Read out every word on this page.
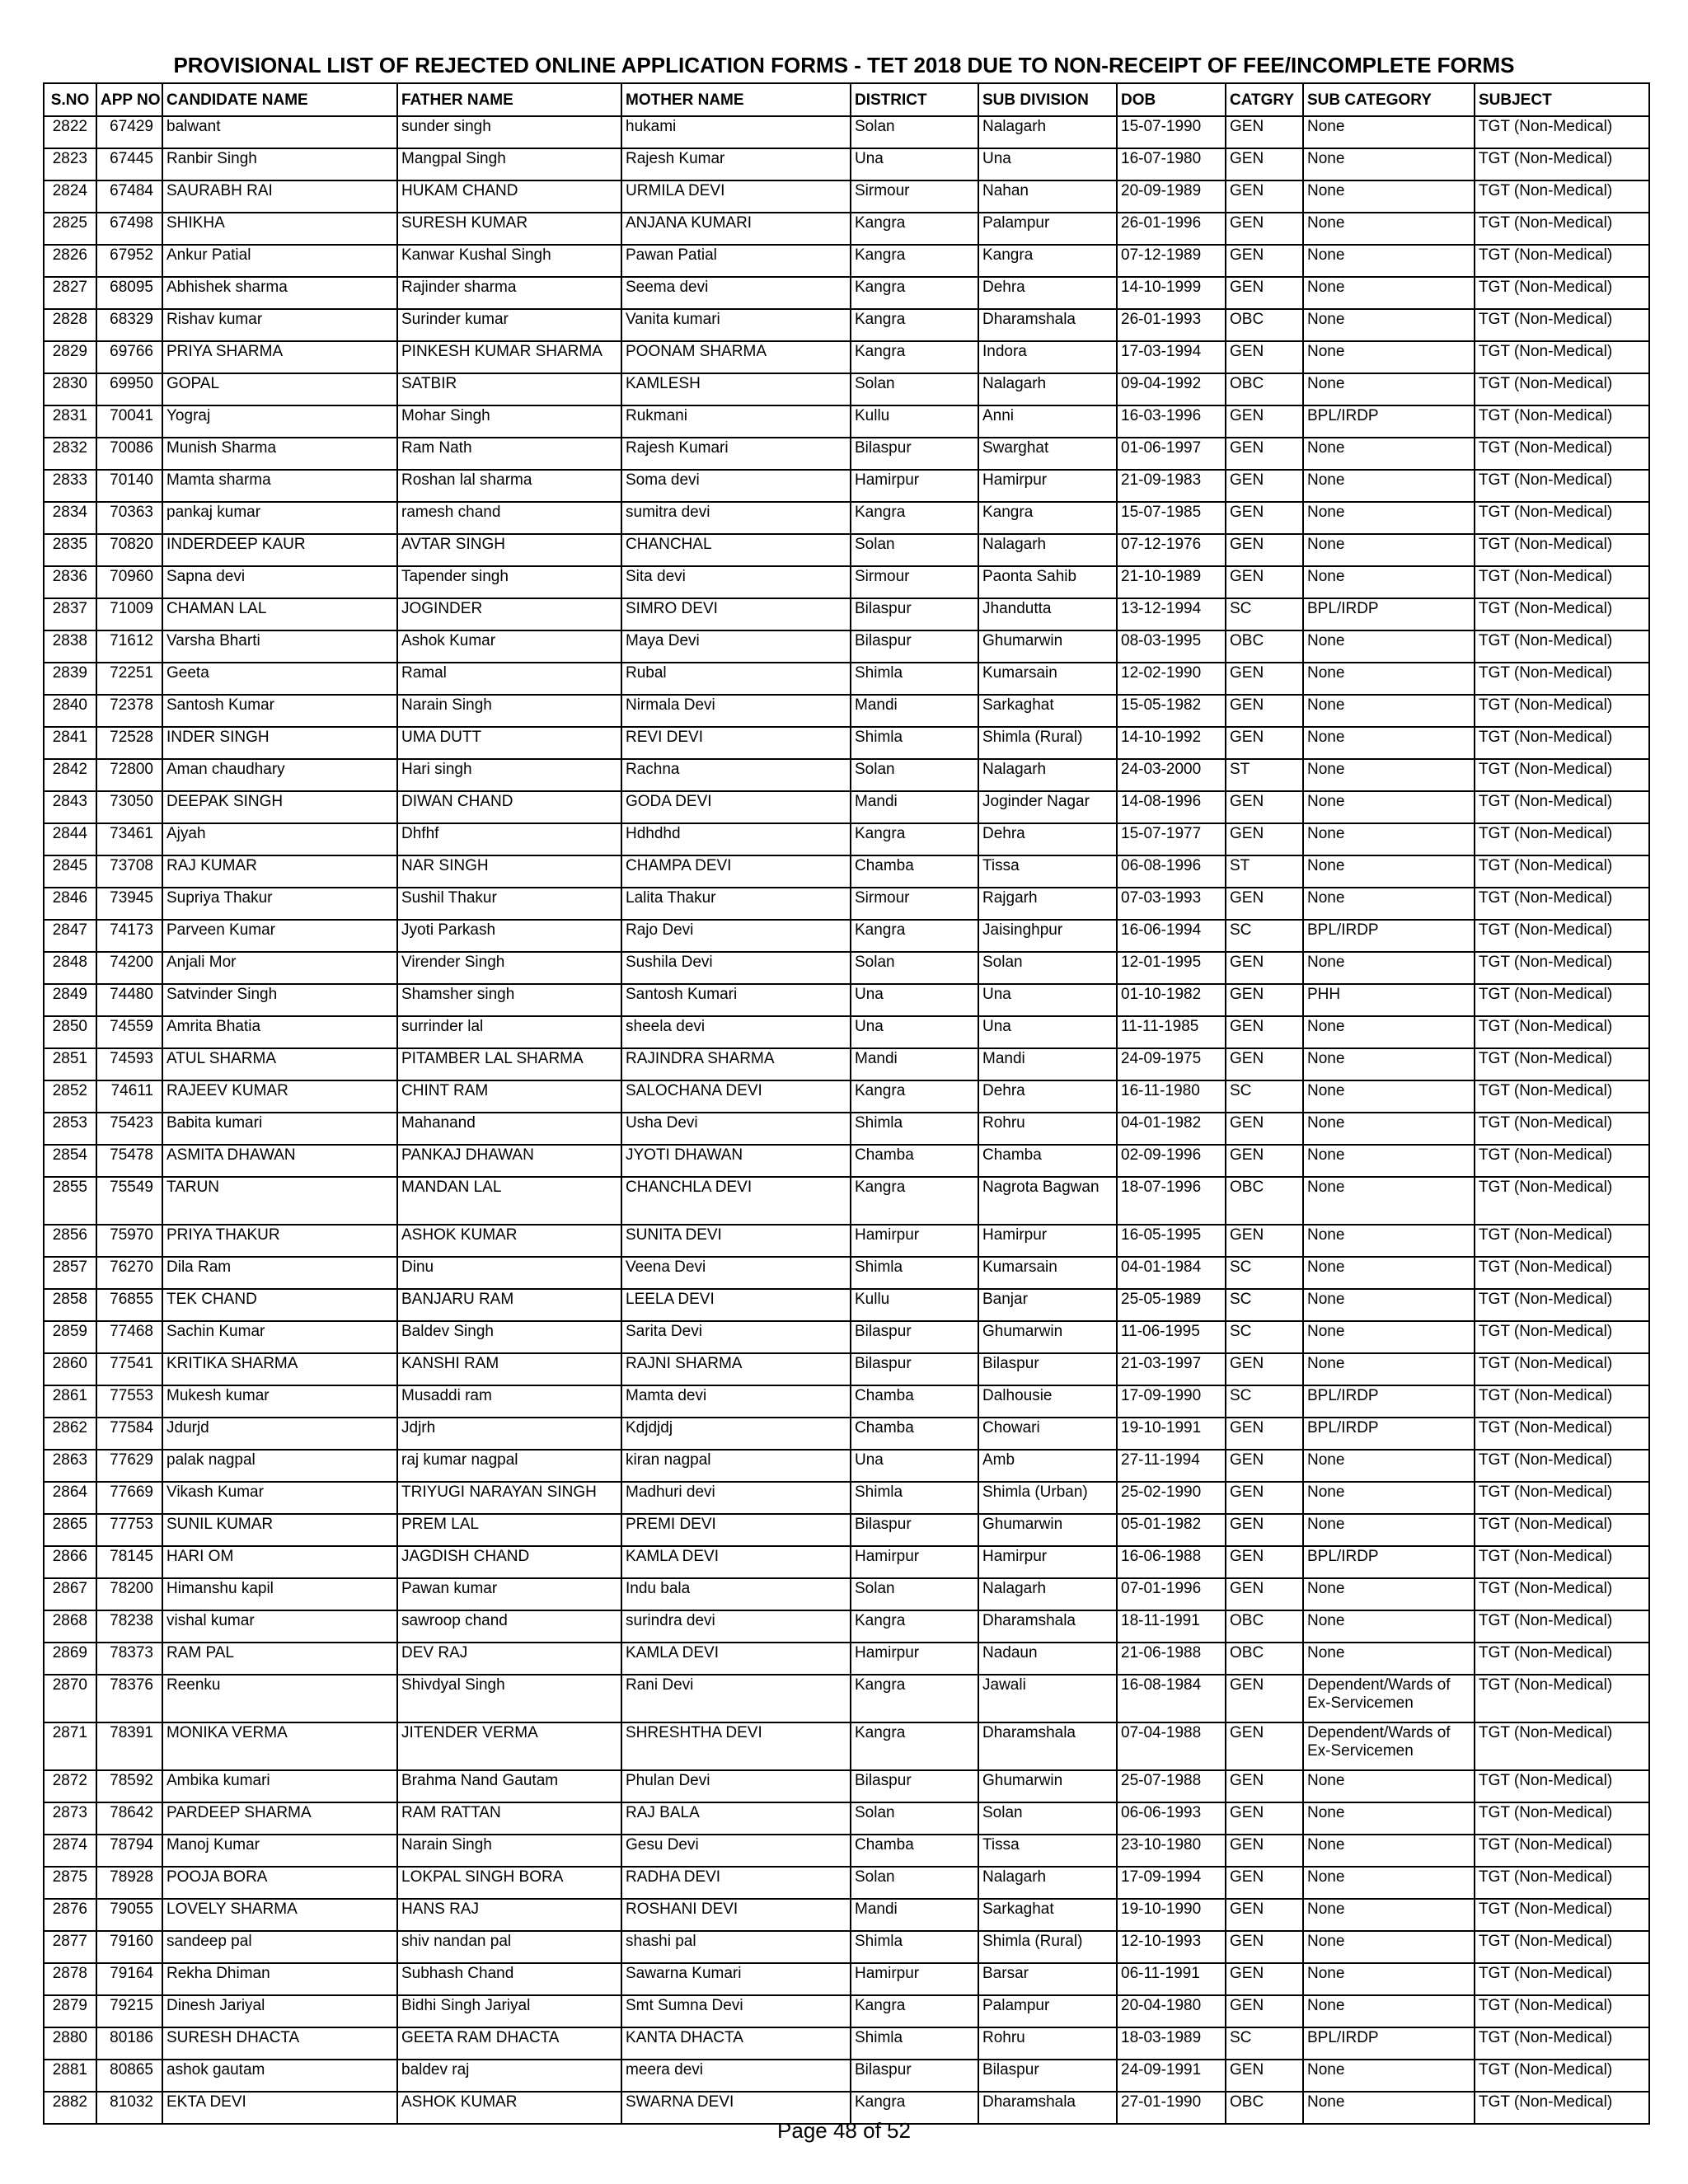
PROVISIONAL LIST OF REJECTED ONLINE APPLICATION FORMS - TET 2018 DUE TO NON-RECEIPT OF FEE/INCOMPLETE FORMS
S.NO	APP NO	CANDIDATE NAME	FATHER NAME	MOTHER NAME	DISTRICT	SUB DIVISION	DOB	CATGRY	SUB CATEGORY	SUBJECT
2822	67429	balwant	sunder singh	hukami	Solan	Nalagarh	15-07-1990	GEN	None	TGT (Non-Medical)
2823	67445	Ranbir Singh	Mangpal Singh	Rajesh Kumar	Una	Una	16-07-1980	GEN	None	TGT (Non-Medical)
2824	67484	SAURABH RAI	HUKAM CHAND	URMILA DEVI	Sirmour	Nahan	20-09-1989	GEN	None	TGT (Non-Medical)
2825	67498	SHIKHA	SURESH KUMAR	ANJANA KUMARI	Kangra	Palampur	26-01-1996	GEN	None	TGT (Non-Medical)
2826	67952	Ankur Patial	Kanwar Kushal Singh	Pawan Patial	Kangra	Kangra	07-12-1989	GEN	None	TGT (Non-Medical)
2827	68095	Abhishek sharma	Rajinder sharma	Seema devi	Kangra	Dehra	14-10-1999	GEN	None	TGT (Non-Medical)
2828	68329	Rishav kumar	Surinder kumar	Vanita kumari	Kangra	Dharamshala	26-01-1993	OBC	None	TGT (Non-Medical)
2829	69766	PRIYA SHARMA	PINKESH KUMAR SHARMA	POONAM SHARMA	Kangra	Indora	17-03-1994	GEN	None	TGT (Non-Medical)
2830	69950	GOPAL	SATBIR	KAMLESH	Solan	Nalagarh	09-04-1992	OBC	None	TGT (Non-Medical)
2831	70041	Yograj	Mohar Singh	Rukmani	Kullu	Anni	16-03-1996	GEN	BPL/IRDP	TGT (Non-Medical)
2832	70086	Munish Sharma	Ram Nath	Rajesh Kumari	Bilaspur	Swarghat	01-06-1997	GEN	None	TGT (Non-Medical)
2833	70140	Mamta sharma	Roshan lal sharma	Soma devi	Hamirpur	Hamirpur	21-09-1983	GEN	None	TGT (Non-Medical)
2834	70363	pankaj kumar	ramesh chand	sumitra devi	Kangra	Kangra	15-07-1985	GEN	None	TGT (Non-Medical)
2835	70820	INDERDEEP KAUR	AVTAR SINGH	CHANCHAL	Solan	Nalagarh	07-12-1976	GEN	None	TGT (Non-Medical)
2836	70960	Sapna devi	Tapender singh	Sita devi	Sirmour	Paonta Sahib	21-10-1989	GEN	None	TGT (Non-Medical)
2837	71009	CHAMAN LAL	JOGINDER	SIMRO DEVI	Bilaspur	Jhandutta	13-12-1994	SC	BPL/IRDP	TGT (Non-Medical)
2838	71612	Varsha Bharti	Ashok Kumar	Maya Devi	Bilaspur	Ghumarwin	08-03-1995	OBC	None	TGT (Non-Medical)
2839	72251	Geeta	Ramal	Rubal	Shimla	Kumarsain	12-02-1990	GEN	None	TGT (Non-Medical)
2840	72378	Santosh Kumar	Narain Singh	Nirmala Devi	Mandi	Sarkaghat	15-05-1982	GEN	None	TGT (Non-Medical)
2841	72528	INDER SINGH	UMA DUTT	REVI DEVI	Shimla	Shimla (Rural)	14-10-1992	GEN	None	TGT (Non-Medical)
2842	72800	Aman chaudhary	Hari singh	Rachna	Solan	Nalagarh	24-03-2000	ST	None	TGT (Non-Medical)
2843	73050	DEEPAK SINGH	DIWAN CHAND	GODA DEVI	Mandi	Joginder Nagar	14-08-1996	GEN	None	TGT (Non-Medical)
2844	73461	Ajyah	Dhfhf	Hdhdhd	Kangra	Dehra	15-07-1977	GEN	None	TGT (Non-Medical)
2845	73708	RAJ KUMAR	NAR SINGH	CHAMPA DEVI	Chamba	Tissa	06-08-1996	ST	None	TGT (Non-Medical)
2846	73945	Supriya Thakur	Sushil Thakur	Lalita Thakur	Sirmour	Rajgarh	07-03-1993	GEN	None	TGT (Non-Medical)
2847	74173	Parveen Kumar	Jyoti Parkash	Rajo Devi	Kangra	Jaisinghpur	16-06-1994	SC	BPL/IRDP	TGT (Non-Medical)
2848	74200	Anjali Mor	Virender Singh	Sushila Devi	Solan	Solan	12-01-1995	GEN	None	TGT (Non-Medical)
2849	74480	Satvinder Singh	Shamsher singh	Santosh Kumari	Una	Una	01-10-1982	GEN	PHH	TGT (Non-Medical)
2850	74559	Amrita Bhatia	surrinder lal	sheela devi	Una	Una	11-11-1985	GEN	None	TGT (Non-Medical)
2851	74593	ATUL SHARMA	PITAMBER LAL SHARMA	RAJINDRA SHARMA	Mandi	Mandi	24-09-1975	GEN	None	TGT (Non-Medical)
2852	74611	RAJEEV KUMAR	CHINT RAM	SALOCHANA DEVI	Kangra	Dehra	16-11-1980	SC	None	TGT (Non-Medical)
2853	75423	Babita kumari	Mahanand	Usha Devi	Shimla	Rohru	04-01-1982	GEN	None	TGT (Non-Medical)
2854	75478	ASMITA DHAWAN	PANKAJ DHAWAN	JYOTI DHAWAN	Chamba	Chamba	02-09-1996	GEN	None	TGT (Non-Medical)
2855	75549	TARUN	MANDAN LAL	CHANCHLA DEVI	Kangra	Nagrota Bagwan	18-07-1996	OBC	None	TGT (Non-Medical)
2856	75970	PRIYA THAKUR	ASHOK KUMAR	SUNITA DEVI	Hamirpur	Hamirpur	16-05-1995	GEN	None	TGT (Non-Medical)
2857	76270	Dila Ram	Dinu	Veena Devi	Shimla	Kumarsain	04-01-1984	SC	None	TGT (Non-Medical)
2858	76855	TEK CHAND	BANJARU RAM	LEELA DEVI	Kullu	Banjar	25-05-1989	SC	None	TGT (Non-Medical)
2859	77468	Sachin Kumar	Baldev Singh	Sarita Devi	Bilaspur	Ghumarwin	11-06-1995	SC	None	TGT (Non-Medical)
2860	77541	KRITIKA SHARMA	KANSHI RAM	RAJNI SHARMA	Bilaspur	Bilaspur	21-03-1997	GEN	None	TGT (Non-Medical)
2861	77553	Mukesh kumar	Musaddi ram	Mamta devi	Chamba	Dalhousie	17-09-1990	SC	BPL/IRDP	TGT (Non-Medical)
2862	77584	Jdurjd	Jdjrh	Kdjdjdj	Chamba	Chowari	19-10-1991	GEN	BPL/IRDP	TGT (Non-Medical)
2863	77629	palak nagpal	raj kumar nagpal	kiran nagpal	Una	Amb	27-11-1994	GEN	None	TGT (Non-Medical)
2864	77669	Vikash Kumar	TRIYUGI NARAYAN SINGH	Madhuri devi	Shimla	Shimla (Urban)	25-02-1990	GEN	None	TGT (Non-Medical)
2865	77753	SUNIL KUMAR	PREM LAL	PREMI DEVI	Bilaspur	Ghumarwin	05-01-1982	GEN	None	TGT (Non-Medical)
2866	78145	HARI OM	JAGDISH CHAND	KAMLA DEVI	Hamirpur	Hamirpur	16-06-1988	GEN	BPL/IRDP	TGT (Non-Medical)
2867	78200	Himanshu kapil	Pawan kumar	Indu bala	Solan	Nalagarh	07-01-1996	GEN	None	TGT (Non-Medical)
2868	78238	vishal kumar	sawroop chand	surindra devi	Kangra	Dharamshala	18-11-1991	OBC	None	TGT (Non-Medical)
2869	78373	RAM PAL	DEV RAJ	KAMLA DEVI	Hamirpur	Nadaun	21-06-1988	OBC	None	TGT (Non-Medical)
2870	78376	Reenku	Shivdyal Singh	Rani Devi	Kangra	Jawali	16-08-1984	GEN	Dependent/Wards of Ex-Servicemen	TGT (Non-Medical)
2871	78391	MONIKA VERMA	JITENDER VERMA	SHRESHTHA DEVI	Kangra	Dharamshala	07-04-1988	GEN	Dependent/Wards of Ex-Servicemen	TGT (Non-Medical)
2872	78592	Ambika kumari	Brahma Nand Gautam	Phulan Devi	Bilaspur	Ghumarwin	25-07-1988	GEN	None	TGT (Non-Medical)
2873	78642	PARDEEP SHARMA	RAM RATTAN	RAJ BALA	Solan	Solan	06-06-1993	GEN	None	TGT (Non-Medical)
2874	78794	Manoj Kumar	Narain Singh	Gesu Devi	Chamba	Tissa	23-10-1980	GEN	None	TGT (Non-Medical)
2875	78928	POOJA BORA	LOKPAL SINGH BORA	RADHA DEVI	Solan	Nalagarh	17-09-1994	GEN	None	TGT (Non-Medical)
2876	79055	LOVELY SHARMA	HANS RAJ	ROSHANI DEVI	Mandi	Sarkaghat	19-10-1990	GEN	None	TGT (Non-Medical)
2877	79160	sandeep pal	shiv nandan pal	shashi pal	Shimla	Shimla (Rural)	12-10-1993	GEN	None	TGT (Non-Medical)
2878	79164	Rekha Dhiman	Subhash Chand	Sawarna Kumari	Hamirpur	Barsar	06-11-1991	GEN	None	TGT (Non-Medical)
2879	79215	Dinesh Jariyal	Bidhi Singh Jariyal	Smt Sumna Devi	Kangra	Palampur	20-04-1980	GEN	None	TGT (Non-Medical)
2880	80186	SURESH DHACTA	GEETA RAM DHACTA	KANTA DHACTA	Shimla	Rohru	18-03-1989	SC	BPL/IRDP	TGT (Non-Medical)
2881	80865	ashok gautam	baldev raj	meera devi	Bilaspur	Bilaspur	24-09-1991	GEN	None	TGT (Non-Medical)
2882	81032	EKTA DEVI	ASHOK KUMAR	SWARNA DEVI	Kangra	Dharamshala	27-01-1990	OBC	None	TGT (Non-Medical)
Page 48 of 52
